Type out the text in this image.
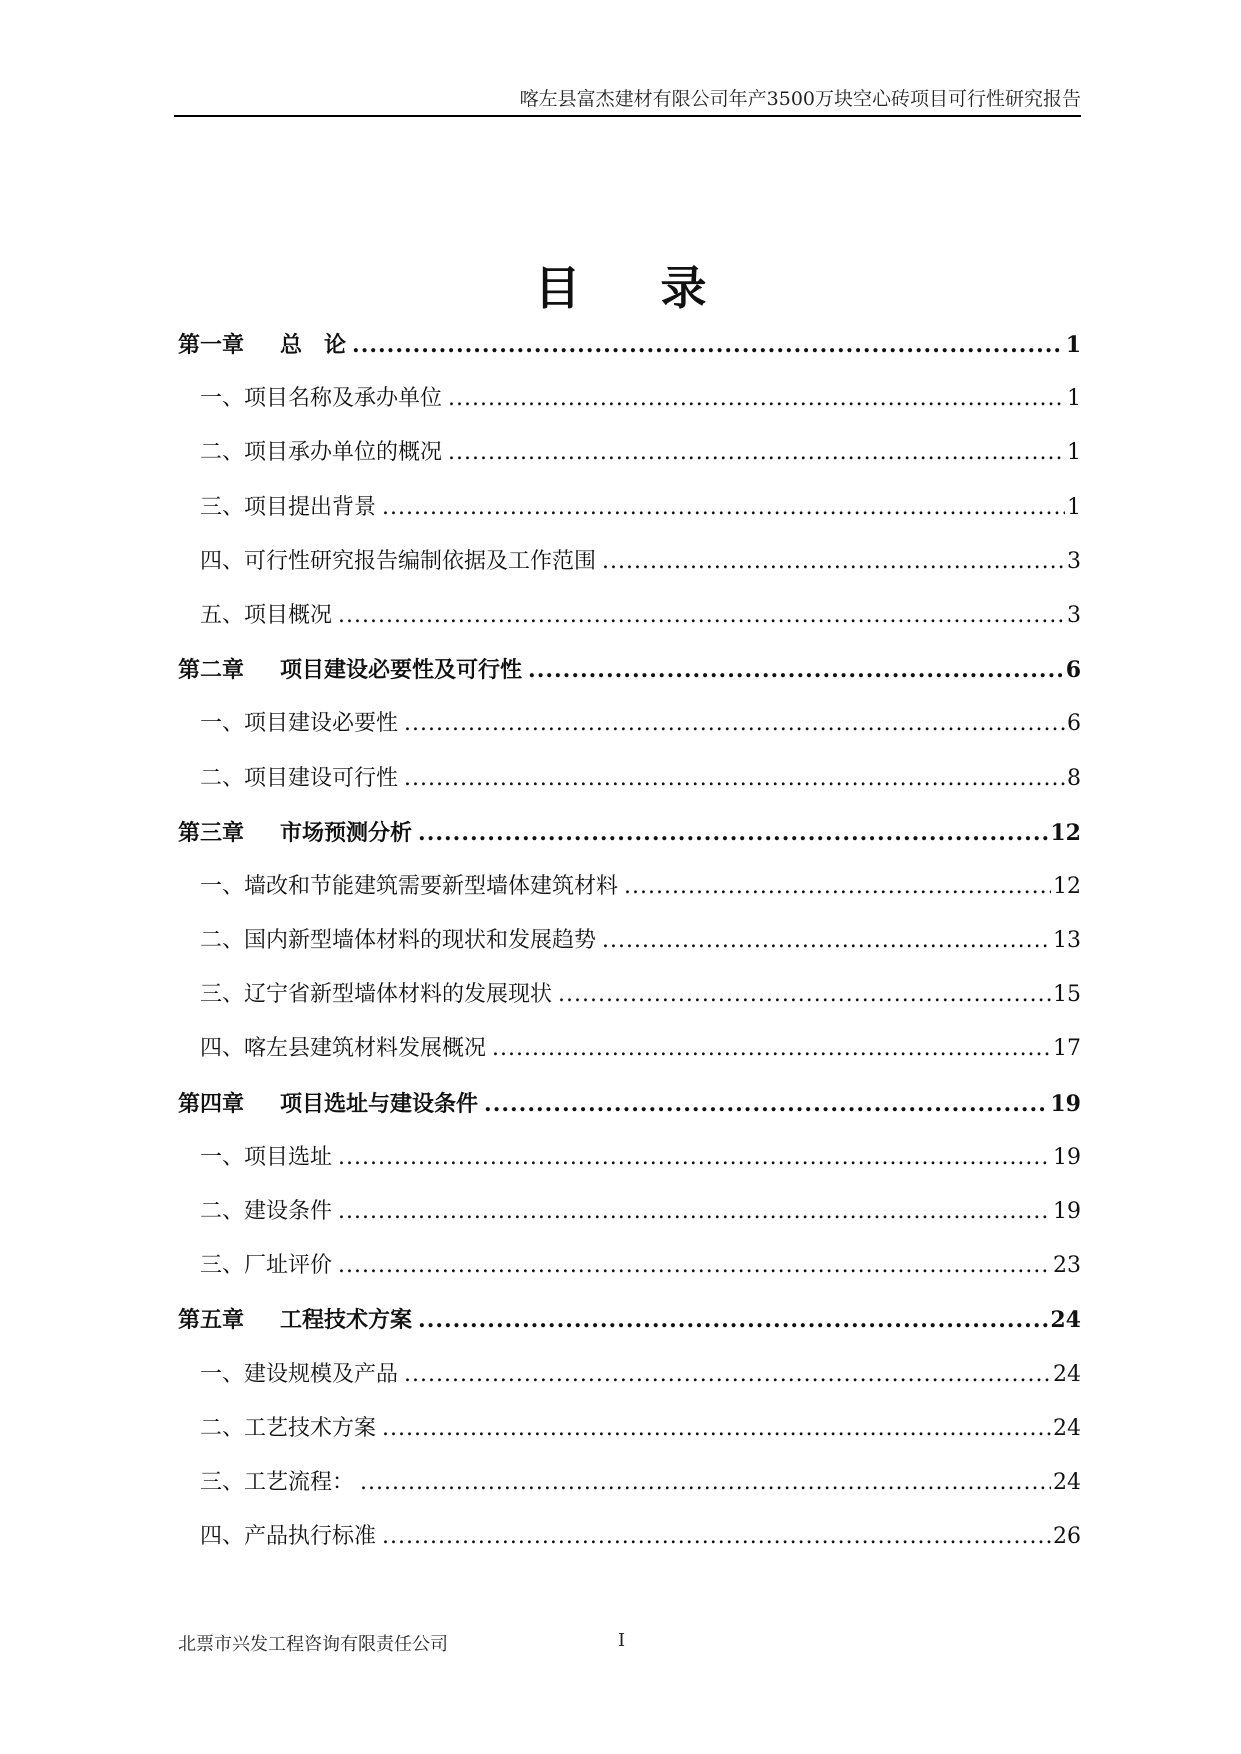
喀左县富杰建材有限公司年产3500万块空心砖项目可行性研究报告
目 录
第一章 总　论 .....	1
一、项目名称及承办单位 .....	1
二、项目承办单位的概况 .....	1
三、项目提出背景 .....	1
四、可行性研究报告编制依据及工作范围 .....	3
五、项目概况 .....	3
第二章 项目建设必要性及可行性 .....	6
一、项目建设必要性 .....	6
二、项目建设可行性 .....	8
第三章 市场预测分析 .....	12
一、墙改和节能建筑需要新型墙体建筑材料 .....	12
二、国内新型墙体材料的现状和发展趋势 .....	13
三、辽宁省新型墙体材料的发展现状 .....	15
四、喀左县建筑材料发展概况 .....	17
第四章 项目选址与建设条件 .....	19
一、项目选址 .....	19
二、建设条件 .....	19
三、厂址评价 .....	23
第五章 工程技术方案 .....	24
一、建设规模及产品 .....	24
二、工艺技术方案 .....	24
三、工艺流程： .....	24
四、产品执行标准 .....	26
北票市兴发工程咨询有限责任公司	I
